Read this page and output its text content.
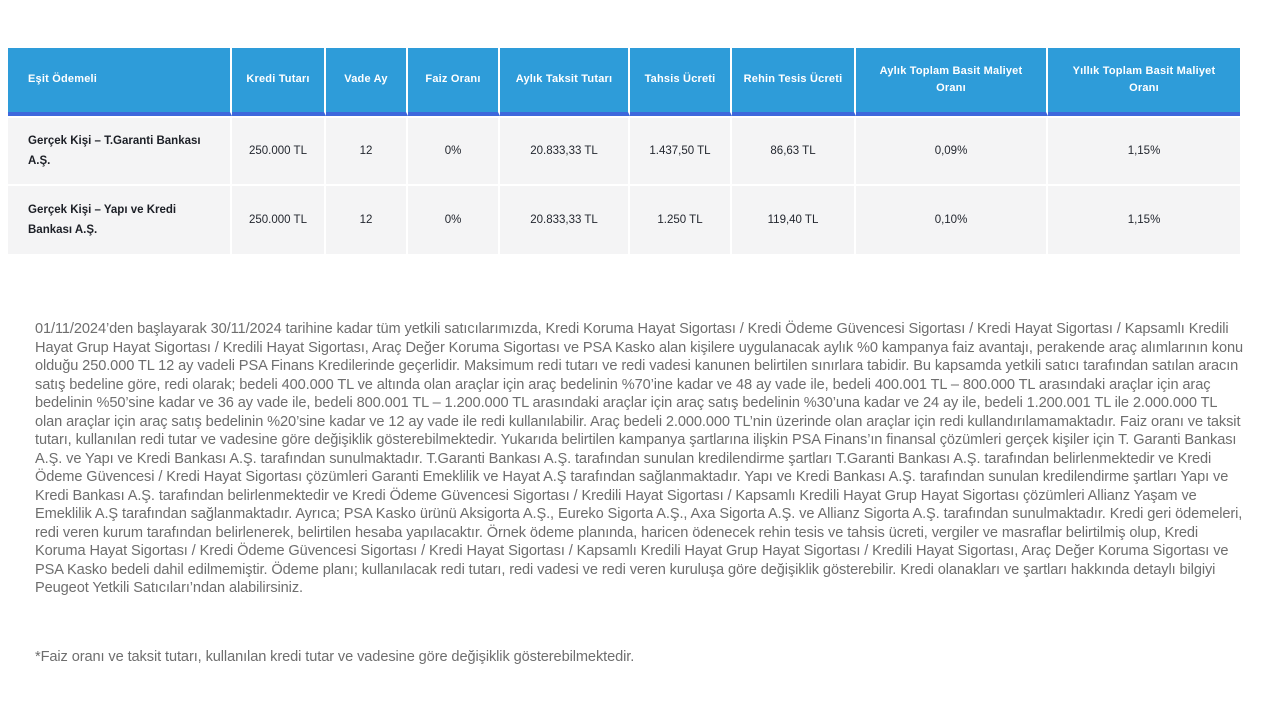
Eşit Ödemeli	Kredi Tutarı	Vade Ay	Faiz Oranı	Aylık Taksit Tutarı	Tahsis Ücreti	Rehin Tesis Ücreti	Aylık Toplam Basit Maliyet Oranı	Yıllık Toplam Basit Maliyet Oranı
Gerçek Kişi – T.Garanti Bankası A.Ş.	250.000 TL	12	0%	20.833,33 TL	1.437,50 TL	86,63 TL	0,09%	1,15%
Gerçek Kişi – Yapı ve Kredi Bankası A.Ş.	250.000 TL	12	0%	20.833,33 TL	1.250 TL	119,40 TL	0,10%	1,15%

01/11/2024’den başlayarak 30/11/2024 tarihine kadar tüm yetkili satıcılarımızda, Kredi Koruma Hayat Sigortası / Kredi Ödeme Güvencesi Sigortası / Kredi Hayat Sigortası / Kapsamlı Kredili Hayat Grup Hayat Sigortası / Kredili Hayat Sigortası, Araç Değer Koruma Sigortası ve PSA Kasko alan kişilere uygulanacak aylık %0 kampanya faiz avantajı, perakende araç alımlarının konu olduğu 250.000 TL 12 ay vadeli PSA Finans Kredilerinde geçerlidir. Maksimum redi tutarı ve redi vadesi kanunen belirtilen sınırlara tabidir. Bu kapsamda yetkili satıcı tarafından satılan aracın satış bedeline göre, redi olarak; bedeli 400.000 TL ve altında olan araçlar için araç bedelinin %70’ine kadar ve 48 ay vade ile, bedeli 400.001 TL – 800.000 TL arasındaki araçlar için araç bedelinin %50’sine kadar ve 36 ay vade ile, bedeli 800.001 TL – 1.200.000 TL arasındaki araçlar için araç satış bedelinin %30’una kadar ve 24 ay ile, bedeli 1.200.001 TL ile 2.000.000 TL olan araçlar için araç satış bedelinin %20’sine kadar ve 12 ay vade ile redi kullanılabilir. Araç bedeli 2.000.000 TL’nin üzerinde olan araçlar için redi kullandırılamamaktadır. Faiz oranı ve taksit tutarı, kullanılan redi tutar ve vadesine göre değişiklik gösterebilmektedir. Yukarıda belirtilen kampanya şartlarına ilişkin PSA Finans’ın finansal çözümleri gerçek kişiler için T. Garanti Bankası A.Ş. ve Yapı ve Kredi Bankası A.Ş. tarafından sunulmaktadır. T.Garanti Bankası A.Ş. tarafından sunulan kredilendirme şartları T.Garanti Bankası A.Ş. tarafından belirlenmektedir ve Kredi Ödeme Güvencesi / Kredi Hayat Sigortası çözümleri Garanti Emeklilik ve Hayat A.Ş tarafından sağlanmaktadır. Yapı ve Kredi Bankası A.Ş. tarafından sunulan kredilendirme şartları Yapı ve Kredi Bankası A.Ş. tarafından belirlenmektedir ve Kredi Ödeme Güvencesi Sigortası / Kredili Hayat Sigortası / Kapsamlı Kredili Hayat Grup Hayat Sigortası çözümleri Allianz Yaşam ve Emeklilik A.Ş tarafından sağlanmaktadır. Ayrıca; PSA Kasko ürünü Aksigorta A.Ş., Eureko Sigorta A.Ş., Axa Sigorta A.Ş. ve Allianz Sigorta A.Ş. tarafından sunulmaktadır. Kredi geri ödemeleri, redi veren kurum tarafından belirlenerek, belirtilen hesaba yapılacaktır. Örnek ödeme planında, haricen ödenecek rehin tesis ve tahsis ücreti, vergiler ve masraflar belirtilmiş olup, Kredi Koruma Hayat Sigortası / Kredi Ödeme Güvencesi Sigortası / Kredi Hayat Sigortası / Kapsamlı Kredili Hayat Grup Hayat Sigortası / Kredili Hayat Sigortası, Araç Değer Koruma Sigortası ve PSA Kasko bedeli dahil edilmemiştir. Ödeme planı; kullanılacak redi tutarı, redi vadesi ve redi veren kuruluşa göre değişiklik gösterebilir. Kredi olanakları ve şartları hakkında detaylı bilgiyi Peugeot Yetkili Satıcıları’ndan alabilirsiniz.

*Faiz oranı ve taksit tutarı, kullanılan kredi tutar ve vadesine göre değişiklik gösterebilmektedir.
